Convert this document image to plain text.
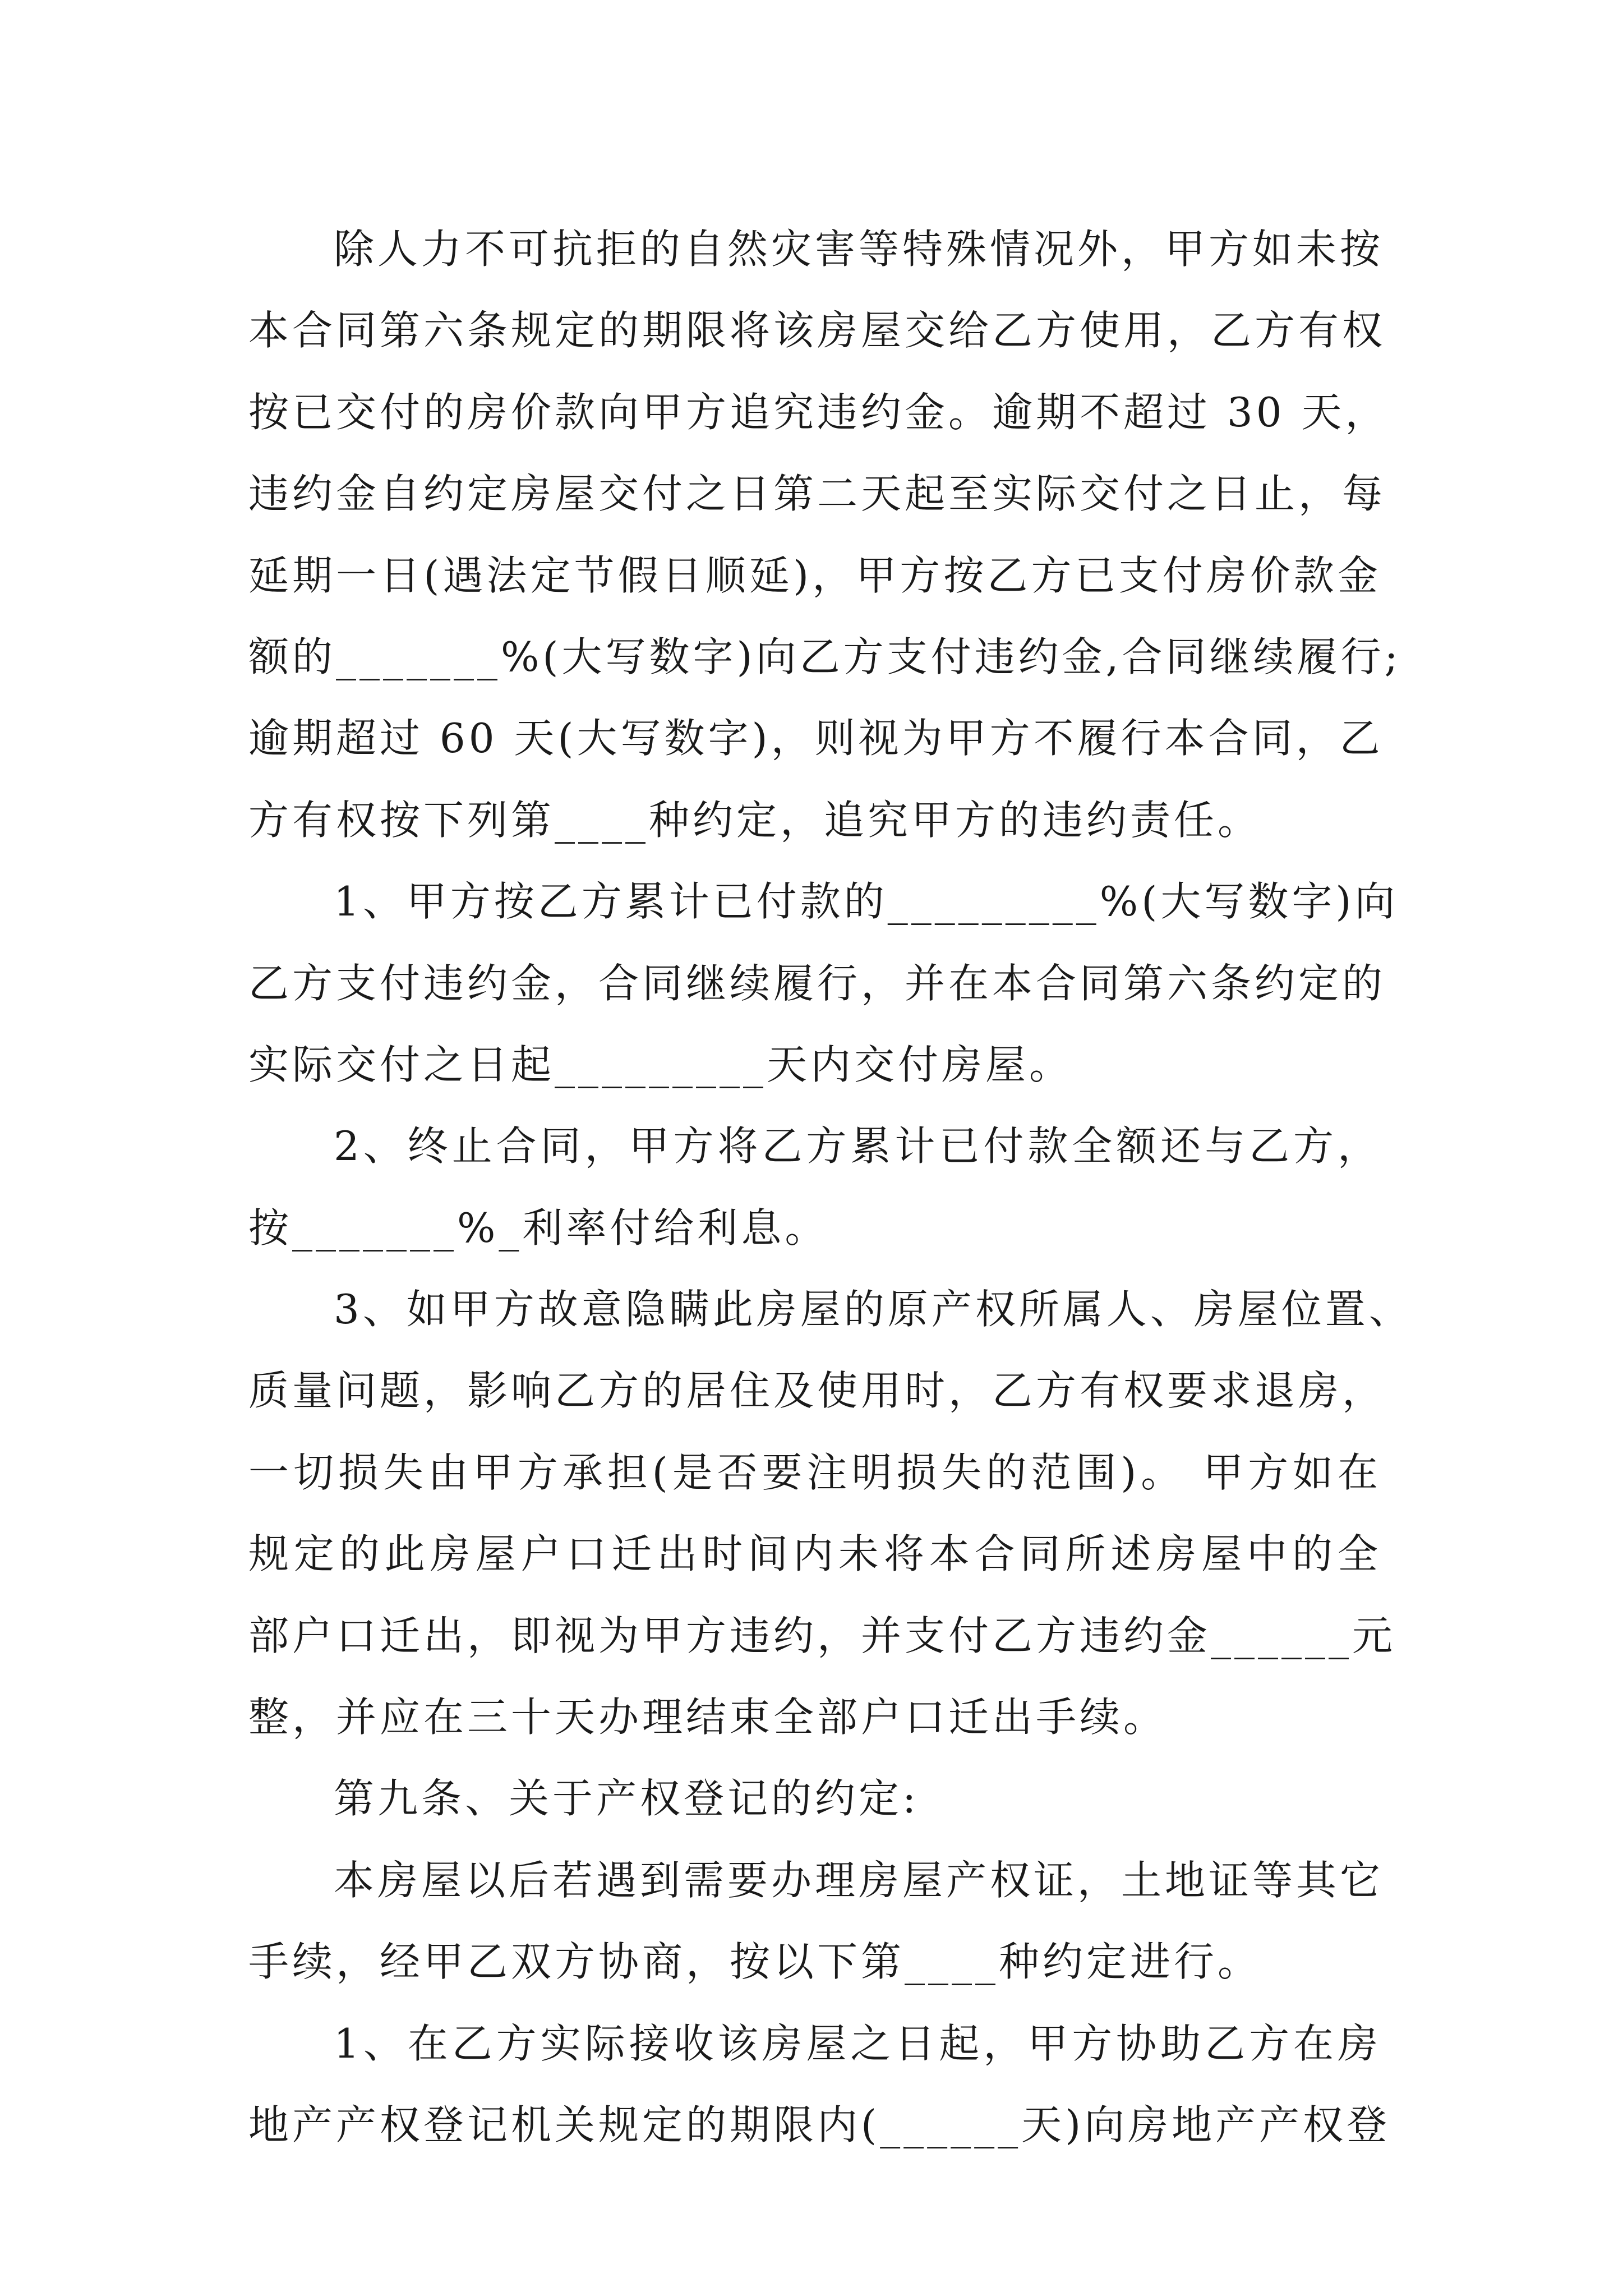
除人力不可抗拒的自然灾害等特殊情况外，甲方如未按
本合同第六条规定的期限将该房屋交给乙方使用，乙方有权
按已交付的房价款向甲方追究违约金。逾期不超过 30 天，
违约金自约定房屋交付之日第二天起至实际交付之日止，每
延期一日(遇法定节假日顺延)，甲方按乙方已支付房价款金
额的_______%(大写数字)向乙方支付违约金,合同继续履行;
逾期超过 60 天(大写数字)，则视为甲方不履行本合同，乙
方有权按下列第____种约定，追究甲方的违约责任。
1、甲方按乙方累计已付款的_________%(大写数字)向
乙方支付违约金，合同继续履行，并在本合同第六条约定的
实际交付之日起_________天内交付房屋。
2、终止合同，甲方将乙方累计已付款全额还与乙方，
按_______%_利率付给利息。
3、如甲方故意隐瞒此房屋的原产权所属人、房屋位置、
质量问题，影响乙方的居住及使用时，乙方有权要求退房，
一切损失由甲方承担(是否要注明损失的范围)。 甲方如在
规定的此房屋户口迁出时间内未将本合同所述房屋中的全
部户口迁出，即视为甲方违约，并支付乙方违约金______元
整，并应在三十天办理结束全部户口迁出手续。
第九条、关于产权登记的约定:
本房屋以后若遇到需要办理房屋产权证，土地证等其它
手续，经甲乙双方协商，按以下第____种约定进行。
1、在乙方实际接收该房屋之日起，甲方协助乙方在房
地产产权登记机关规定的期限内(______天)向房地产产权登
